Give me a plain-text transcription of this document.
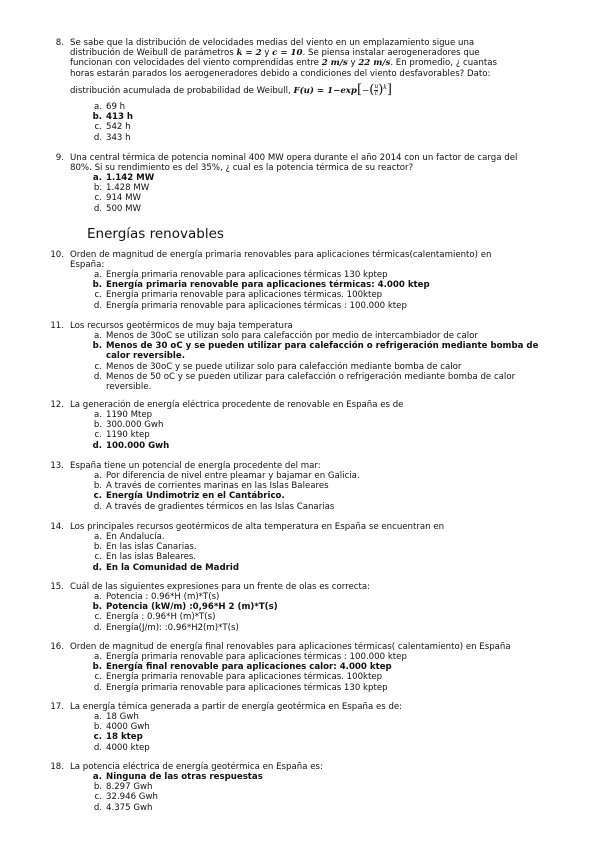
8. Se sabe que la distribución de velocidades medias del viento en un emplazamiento sigue una
distribución de Weibull de parámetros k = 2 y c = 10. Se piensa instalar aerogeneradores que
funcionan con velocidades del viento comprendidas entre 2 m/s y 22 m/s. En promedio, ¿ cuantas
horas estarán parados los aerogeneradores debido a condiciones del viento desfavorables? Dato:
distribución acumulada de probabilidad de Weibull, $F(u) = 1-\exp[-( \frac{u}{c} )^k]$
a. 69 h
b. 413 h
c. 542 h
d. 343 h
9. Una central térmica de potencia nominal 400 MW opera durante el año 2014 con un factor de carga del
80%. Si su rendimiento es del 35%, ¿ cual es la potencia térmica de su reactor?
a. 1.142 MW
b. 1.428 MW
c. 914 MW
d. 500 MW
Energías renovables
10. Orden de magnitud de energía primaria renovables para aplicaciones térmicas(calentamiento) en
España:
a. Energía primaria renovable para aplicaciones térmicas 130 kptep
b. Energía primaria renovable para aplicaciones térmicas: 4.000 ktep
c. Energía primaria renovable para aplicaciones térmicas. 100ktep
d. Energía primaria renovable para aplicaciones térmicas : 100.000 ktep
11. Los recursos geotérmicos de muy baja temperatura
a. Menos de 30oC se utilizan solo para calefacción por medio de intercambiador de calor
b. Menos de 30 oC y se pueden utilizar para calefacción o refrigeración mediante bomba de calor reversible.
c. Menos de 30oC y se puede utilizar solo para calefacción mediante bomba de calor
d. Menos de 50 oC y se pueden utilizar para calefacción o refrigeración mediante bomba de calor reversible.
12. La generación de energía eléctrica procedente de renovable en España es de
a. 1190 Mtep
b. 300.000 Gwh
c. 1190 ktep
d. 100.000 Gwh
13. España tiene un potencial de energía procedente del mar:
a. Por diferencia de nivel entre pleamar y bajamar en Galicia.
b. A través de corrientes marinas en las Islas Baleares
c. Energía Undimotriz en el Cantábrico.
d. A través de gradientes térmicos en las Islas Canarias
14. Los principales recursos geotérmicos de alta temperatura en España se encuentran en
a. En Andalucía.
b. En las islas Canarias.
c. En las islas Baleares.
d. En la Comunidad de Madrid
15. Cuál de las siguientes expresiones para un frente de olas es correcta:
a. Potencia : 0.96*H (m)*T(s)
b. Potencia (kW/m) :0,96*H 2 (m)*T(s)
c. Energía : 0.96*H (m)*T(s)
d. Energía(J/m): :0.96*H2(m)*T(s)
16. Orden de magnitud de energía final renovables para aplicaciones térmicas( calentamiento) en España
a. Energía primaria renovable para aplicaciones térmicas : 100.000 ktep
b. Energía final renovable para aplicaciones calor: 4.000 ktep
c. Energía primaria renovable para aplicaciones térmicas. 100ktep
d. Energía primaria renovable para aplicaciones térmicas 130 kptep
17. La energía témica generada a partir de energía geotérmica en España es de:
a. 18 Gwh
b. 4000 Gwh
c. 18 ktep
d. 4000 ktep
18. La potencia eléctrica de energía geotérmica en España es:
a. Ninguna de las otras respuestas
b. 8.297 Gwh
c. 32.946 Gwh
d. 4.375 Gwh
